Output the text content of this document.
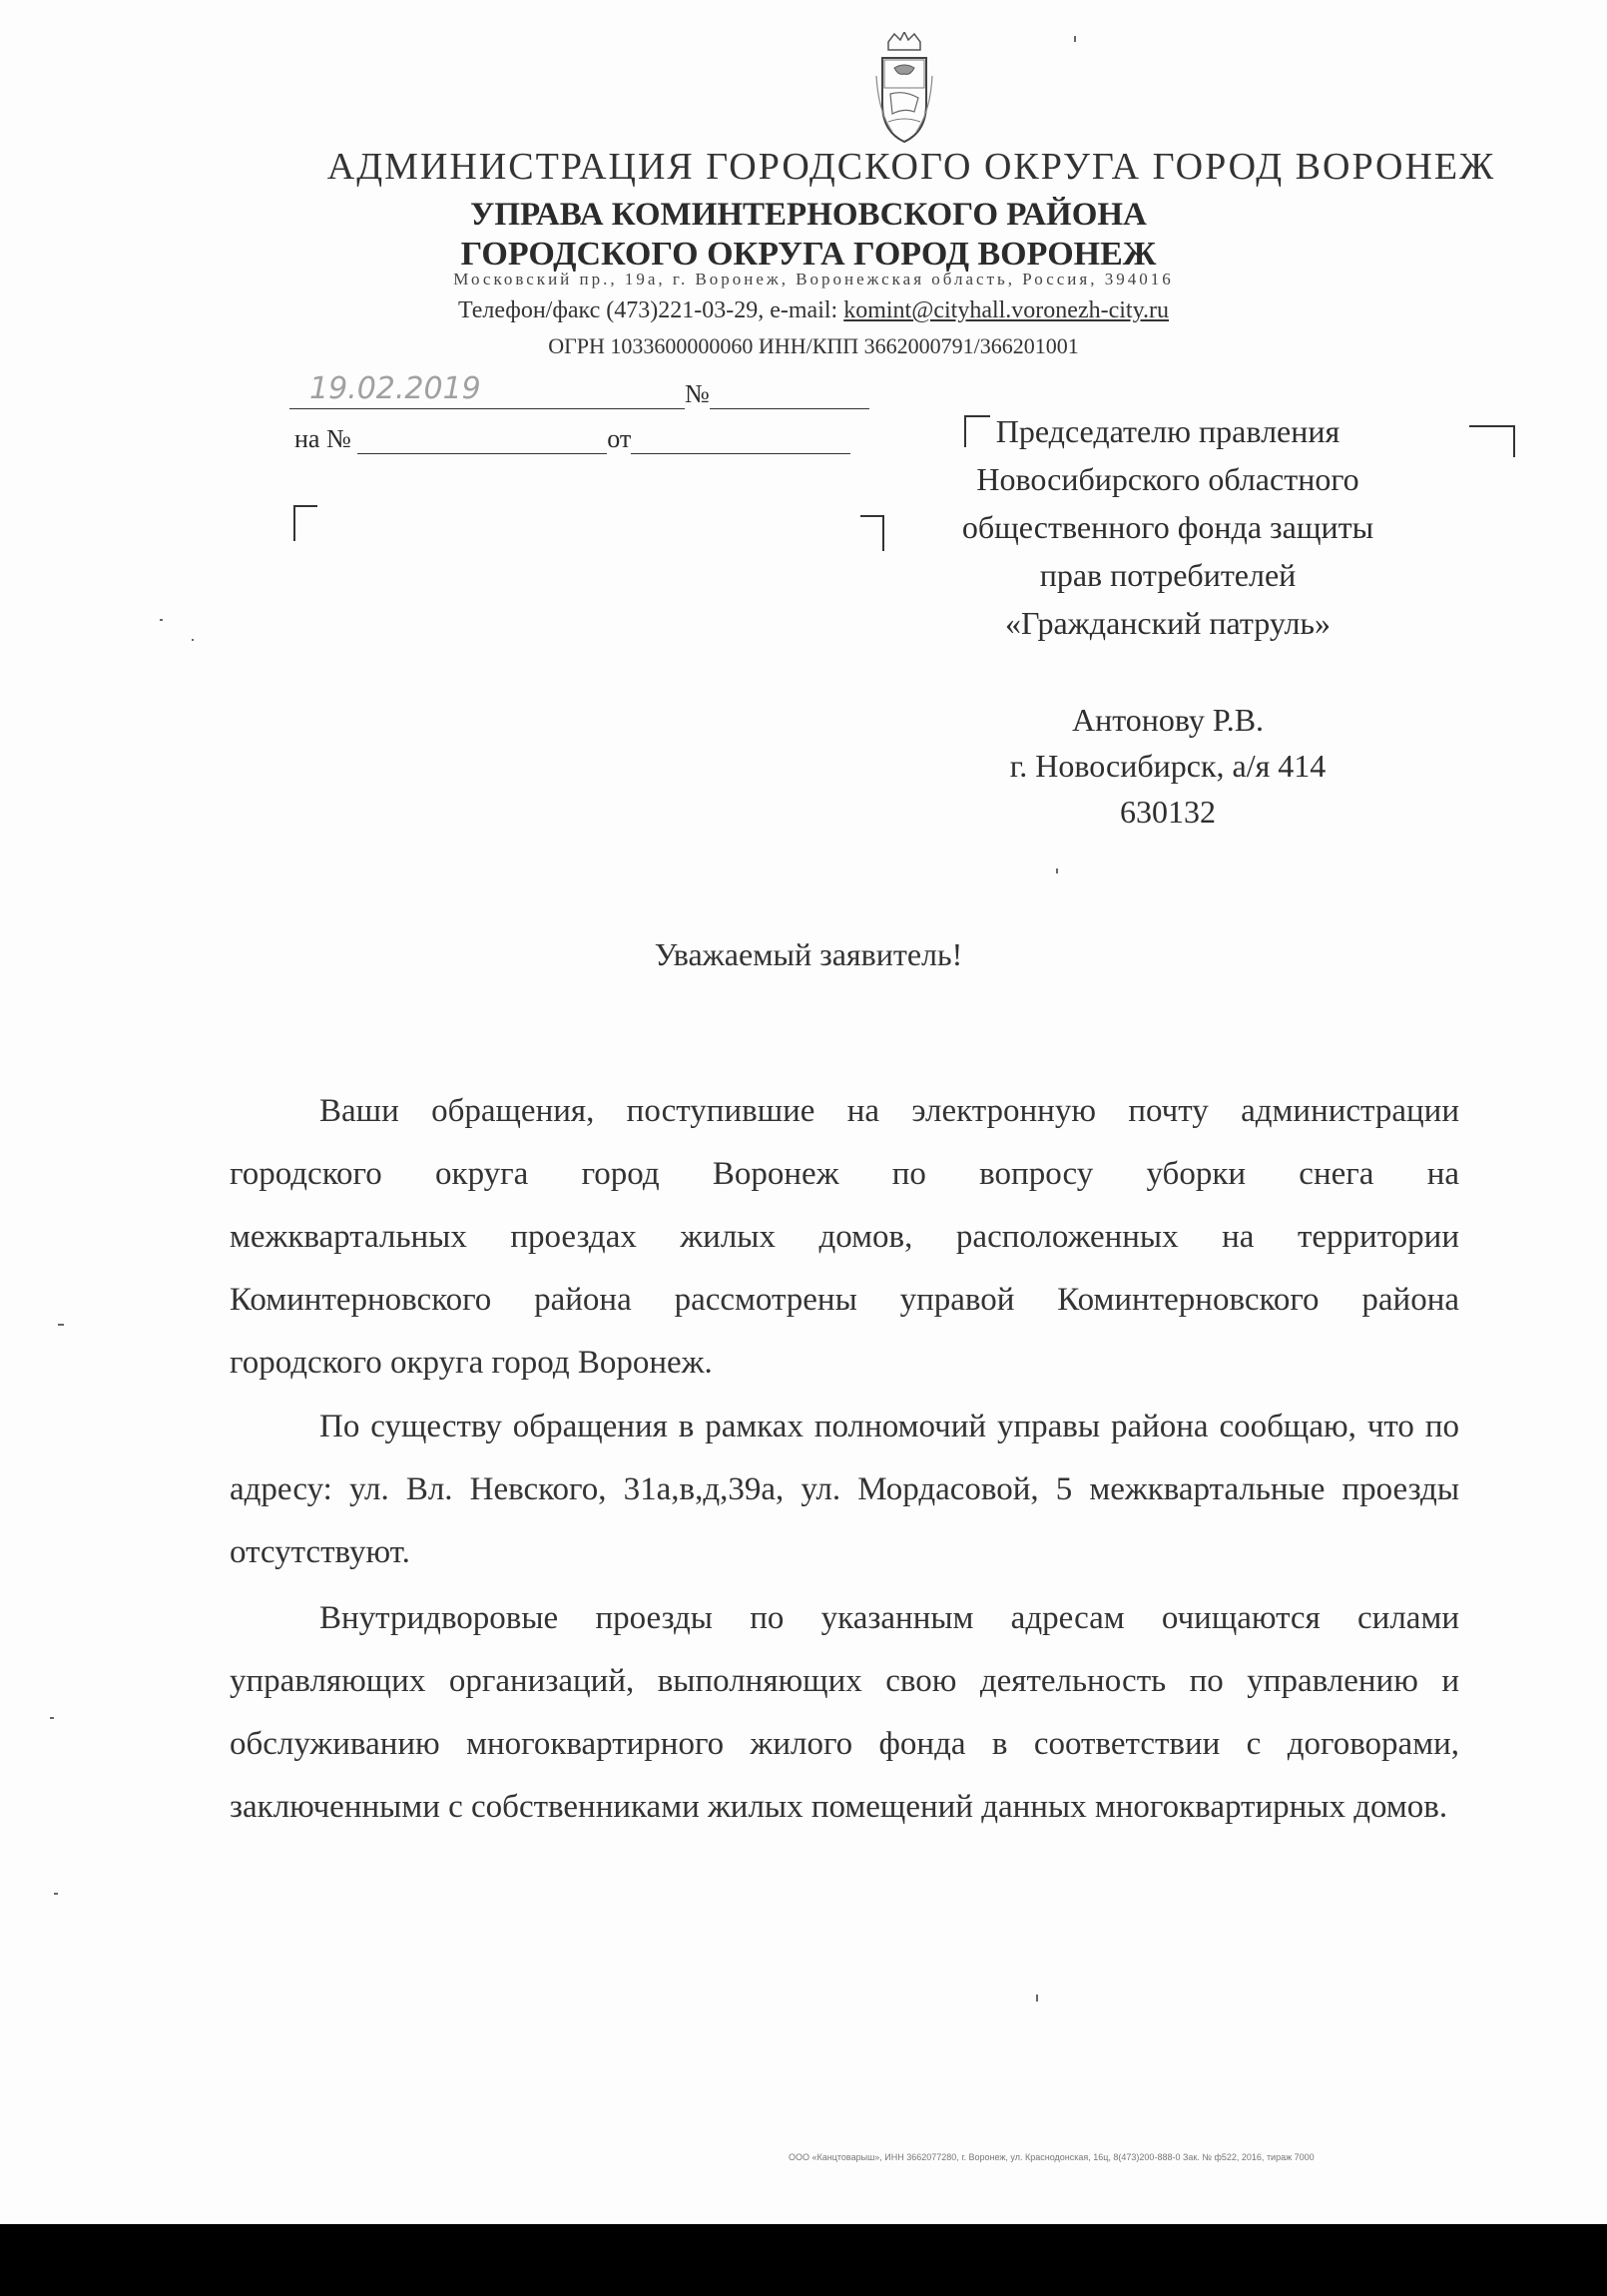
АДМИНИСТРАЦИЯ ГОРОДСКОГО ОКРУГА ГОРОД ВОРОНЕЖ
УПРАВА КОМИНТЕРНОВСКОГО РАЙОНА
ГОРОДСКОГО ОКРУГА ГОРОД ВОРОНЕЖ
Московский пр., 19а, г. Воронеж, Воронежская область, Россия, 394016
Телефон/факс (473)221-03-29, e-mail: komint@cityhall.voronezh-city.ru
ОГРН 1033600000060 ИНН/КПП 3662000791/366201001
19.02.2019	№
на №	от	Председателю правления
Новосибирского областного
общественного фонда защиты
прав потребителей
«Гражданский патруль»
Антонову Р.В.
г. Новосибирск, а/я 414
630132
Уважаемый заявитель!

Ваши обращения, поступившие на электронную почту администрации

городского округа город Воронеж по вопросу уборки снега на

межквартальных проездах жилых домов, расположенных на территории

Коминтерновского района рассмотрены управой Коминтерновского района

городского округа город Воронеж.

По существу обращения в рамках полномочий управы района сообщаю, что по адресу: ул. Вл. Невского, 31а,в,д,39а, ул. Мордасовой, 5 межквартальные проезды отсутствуют.

Внутридворовые проезды по указанным адресам очищаются силами управляющих организаций, выполняющих свою деятельность по управлению и обслуживанию многоквартирного жилого фонда в соответствии с договорами, заключенными с собственниками жилых помещений данных многоквартирных домов.

ООО «Канцтоварыш», ИНН 3662077280, г. Воронеж, ул. Краснодонская, 16ц, 8(473)200-888-0 Зак. № ф522, 2016, тираж 7000
